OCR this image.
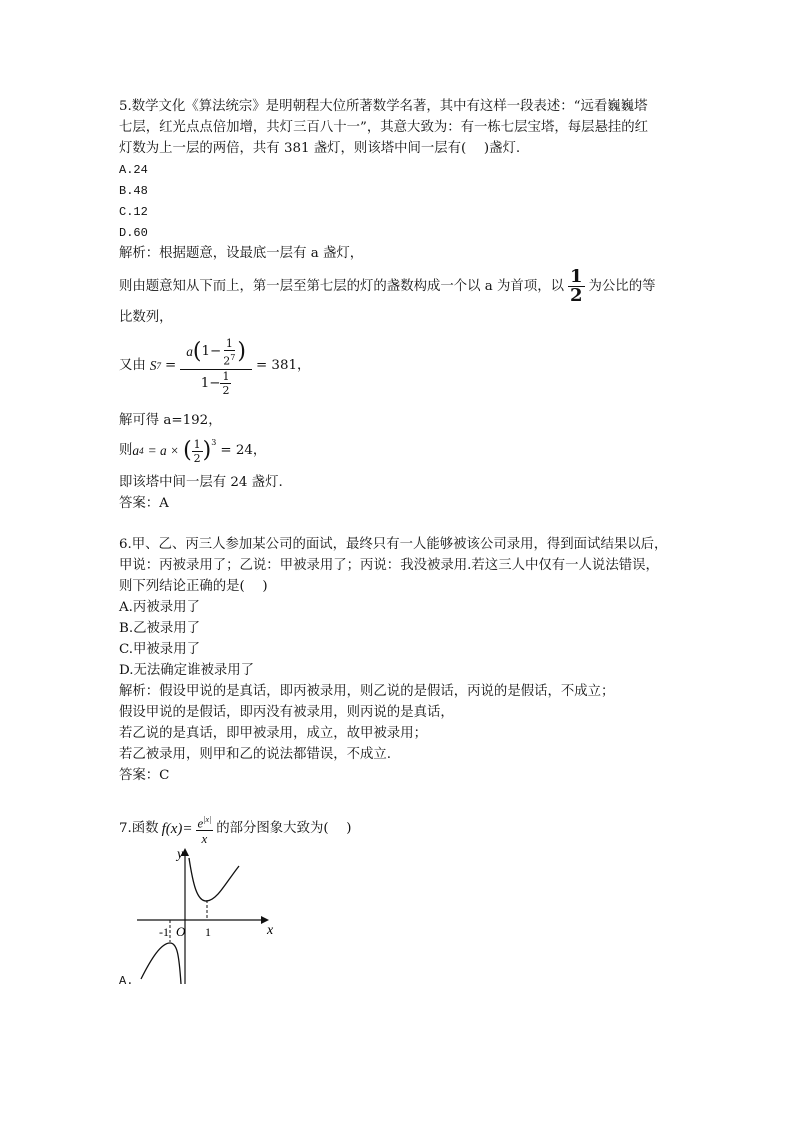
5.数学文化《算法统宗》是明朝程大位所著数学名著，其中有这样一段表述：“远看巍巍塔
七层，红光点点倍加增，共灯三百八十一”，其意大致为：有一栋七层宝塔，每层悬挂的红
灯数为上一层的两倍，共有 381 盏灯，则该塔中间一层有(　 )盏灯.
A.24
B.48
C.12
D.60
解析：根据题意，设最底一层有 a 盏灯，
则由题意知从下而上，第一层至第七层的灯的盏数构成一个以 a 为首项，以 $\frac{1}{2}$ 为公比的等
比数列，
又由 S 7 =
a ( $1- \frac{1}{2^7}$ )
$1- \frac{1}{2}$
= 381，
解可得 a=192，
则 a 4 = a × ( $\frac{1}{2} )^3$
= 24，
即该塔中间一层有 24 盏灯.
答案：A
6.甲、乙、丙三人参加某公司的面试，最终只有一人能够被该公司录用，得到面试结果以后，
甲说：丙被录用了；乙说：甲被录用了；丙说：我没被录用.若这三人中仅有一人说法错误，
则下列结论正确的是(　 )
A.丙被录用了
B.乙被录用了
C.甲被录用了
D.无法确定谁被录用了
解析：假设甲说的是真话，即丙被录用，则乙说的是假话，丙说的是假话，不成立；
假设甲说的是假话，即丙没有被录用，则丙说的是真话，
若乙说的是真话，即甲被录用，成立，故甲被录用；
若乙被录用，则甲和乙的说法都错误，不成立.
答案：C
7.函数 $f(x)= \frac{e^{|x|}}{x}$ 的部分图象大致为(　 )
y
x
O
-1	1
A.
